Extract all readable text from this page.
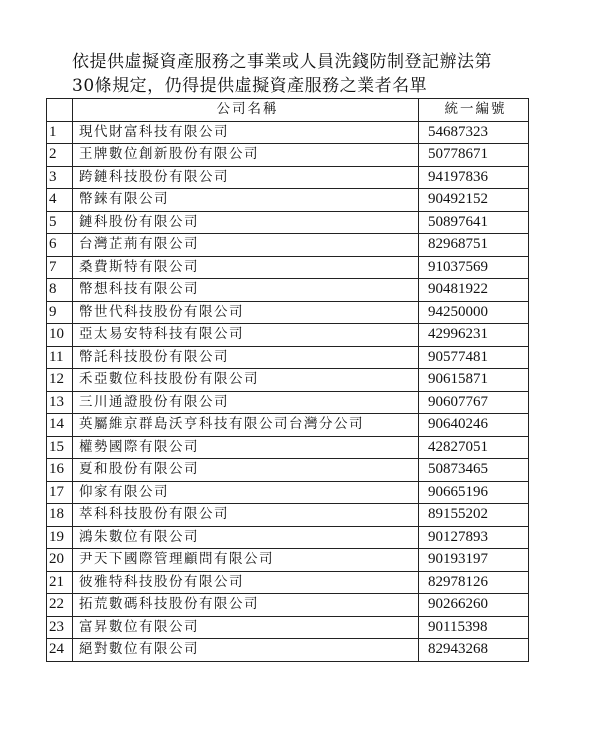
依提供虛擬資產服務之事業或人員洗錢防制登記辦法第
30條規定，仍得提供虛擬資產服務之業者名單
	公司名稱	統一編號
1	現代財富科技有限公司	54687323
2	王牌數位創新股份有限公司	50778671
3	跨鏈科技股份有限公司	94197836
4	幣錸有限公司	90492152
5	鏈科股份有限公司	50897641
6	台灣芷荊有限公司	82968751
7	桑費斯特有限公司	91037569
8	幣想科技有限公司	90481922
9	幣世代科技股份有限公司	94250000
10	亞太易安特科技有限公司	42996231
11	幣託科技股份有限公司	90577481
12	禾亞數位科技股份有限公司	90615871
13	三川通證股份有限公司	90607767
14	英屬維京群島沃亨科技有限公司台灣分公司	90640246
15	權勢國際有限公司	42827051
16	夏和股份有限公司	50873465
17	仰家有限公司	90665196
18	萃科科技股份有限公司	89155202
19	鴻朱數位有限公司	90127893
20	尹天下國際管理顧問有限公司	90193197
21	彼雅特科技股份有限公司	82978126
22	拓荒數碼科技股份有限公司	90266260
23	富昇數位有限公司	90115398
24	絕對數位有限公司	82943268
